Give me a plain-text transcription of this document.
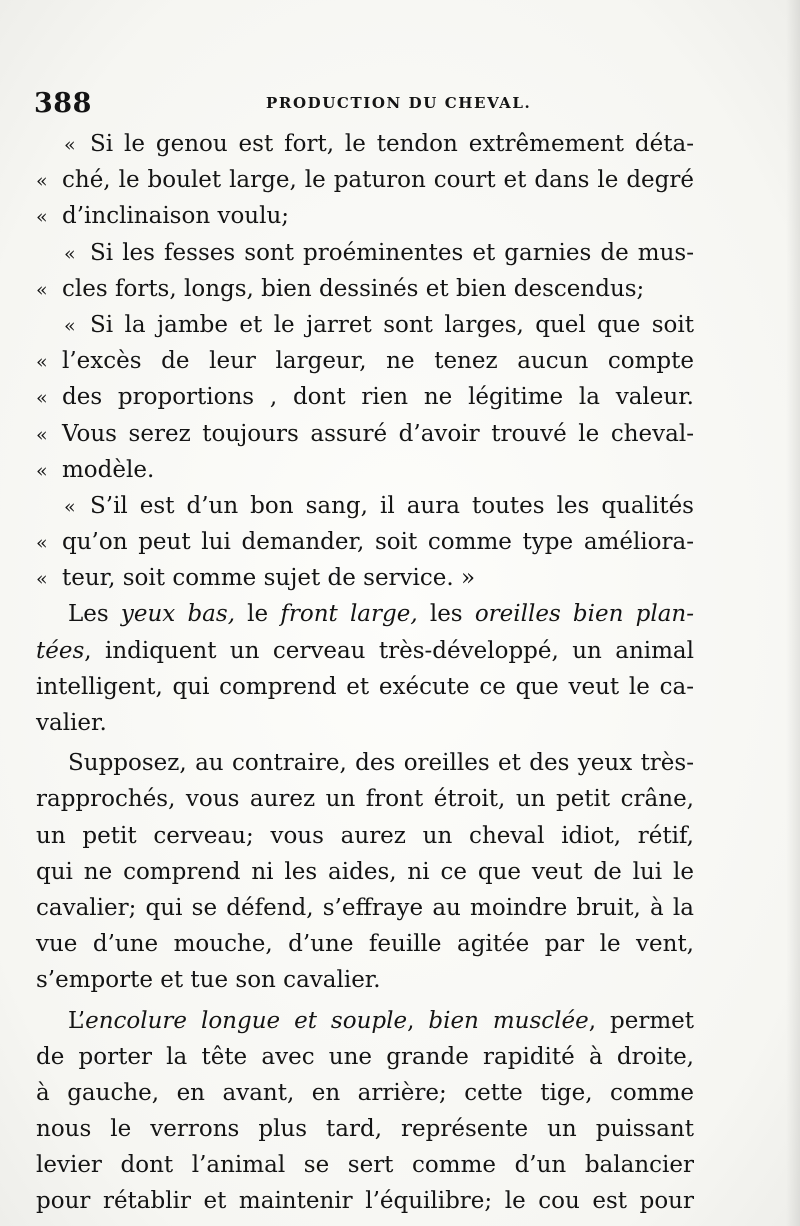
388	PRODUCTION DU CHEVAL.
« Si le genou est fort, le tendon extrêmement déta-
« ché, le boulet large, le paturon court et dans le degré
« d’inclinaison voulu;
« Si les fesses sont proéminentes et garnies de mus-
« cles forts, longs, bien dessinés et bien descendus;
« Si la jambe et le jarret sont larges, quel que soit
« l’excès de leur largeur, ne tenez aucun compte
« des proportions , dont rien ne légitime la valeur.
« Vous serez toujours assuré d’avoir trouvé le cheval-
« modèle.
« S’il est d’un bon sang, il aura toutes les qualités
« qu’on peut lui demander, soit comme type améliora-
« teur, soit comme sujet de service. »
Les yeux bas, le front large, les oreilles bien plan-
tées, indiquent un cerveau très-développé, un animal
intelligent, qui comprend et exécute ce que veut le ca-
valier.
Supposez, au contraire, des oreilles et des yeux très-
rapprochés, vous aurez un front étroit, un petit crâne,
un petit cerveau; vous aurez un cheval idiot, rétif,
qui ne comprend ni les aides, ni ce que veut de lui le
cavalier; qui se défend, s’effraye au moindre bruit, à la
vue d’une mouche, d’une feuille agitée par le vent,
s’emporte et tue son cavalier.
L’encolure longue et souple, bien musclée, permet
de porter la tête avec une grande rapidité à droite,
à gauche, en avant, en arrière; cette tige, comme
nous le verrons plus tard, représente un puissant
levier dont l’animal se sert comme d’un balancier
pour rétablir et maintenir l’équilibre; le cou est pour
